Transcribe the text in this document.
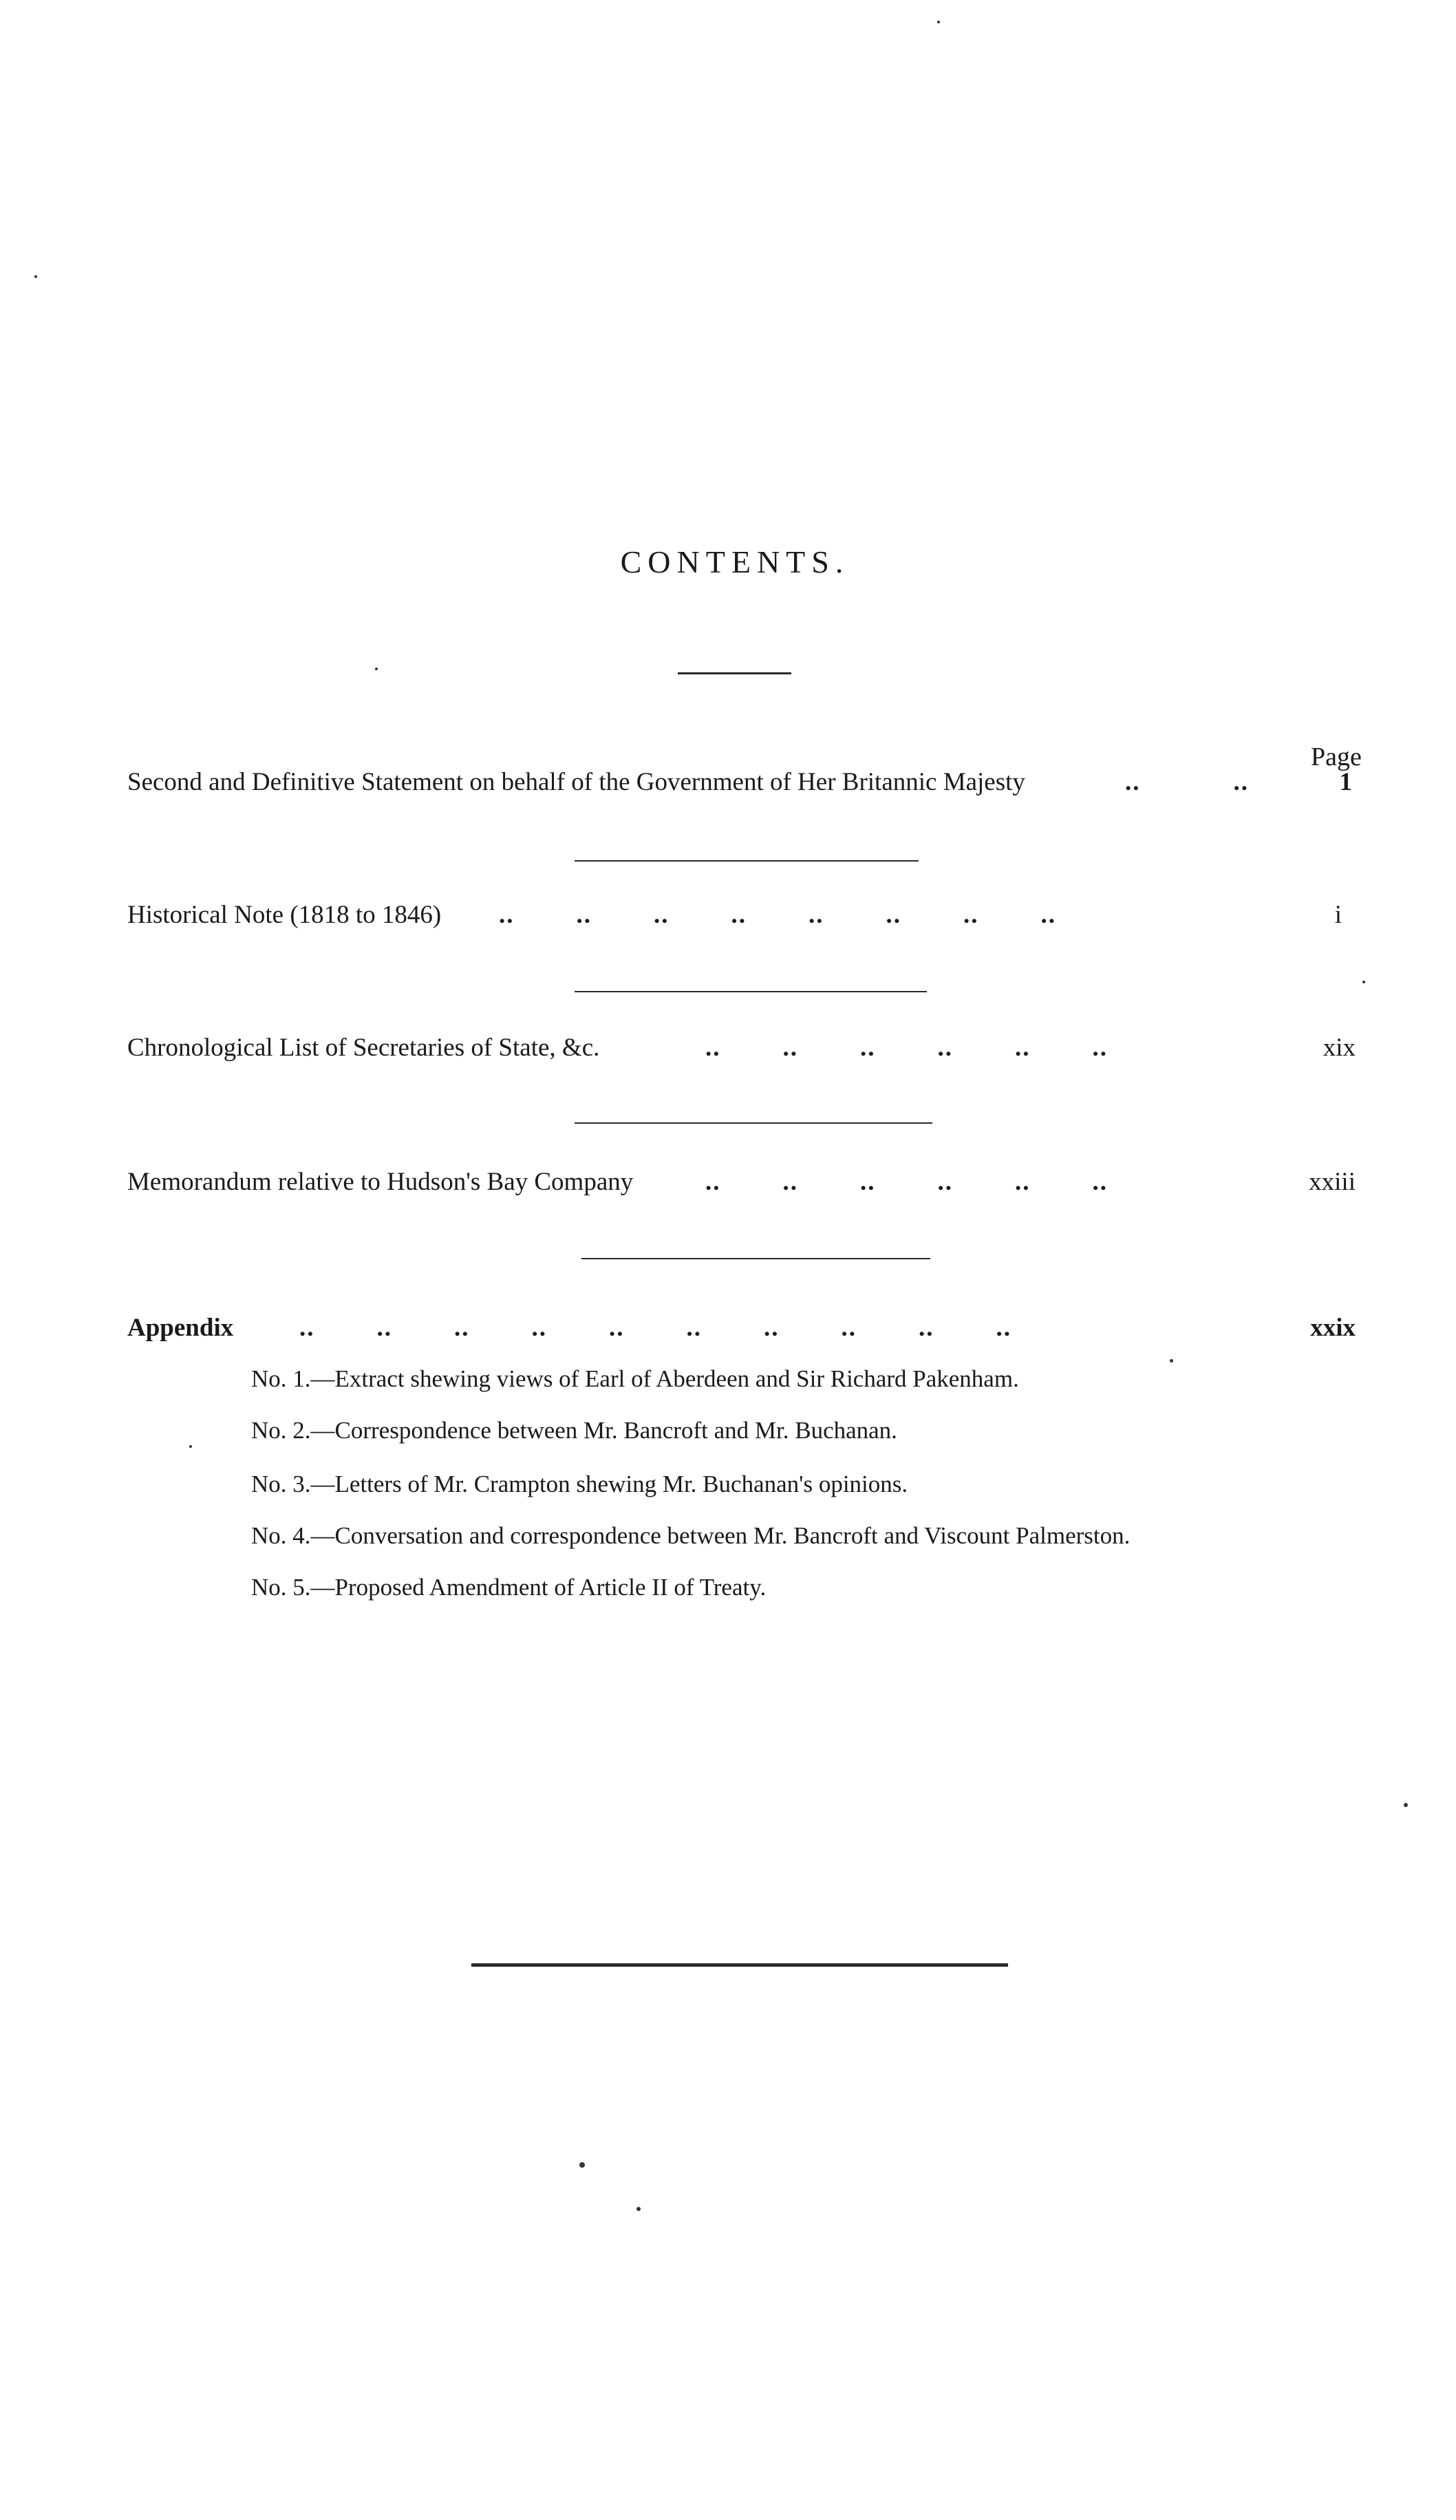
CONTENTS.
Page
Second and Definitive Statement on behalf of the Government of Her Britannic Majesty	..            ..	1
Historical Note (1818 to 1846) ..        ..        ..        ..        ..        ..        ..        ..	i
Chronological List of Secretaries of State, &c.	..        ..        ..        ..        ..        ..	xix
Memorandum relative to Hudson's Bay Company	..        ..        ..        ..        ..        ..	xxiii
Appendix	..        ..        ..        ..        ..        ..        ..        ..        ..        ..	xxix
No. 1.—Extract shewing views of Earl of Aberdeen and Sir Richard Pakenham.
No. 2.—Correspondence between Mr. Bancroft and Mr. Buchanan.
No. 3.—Letters of Mr. Crampton shewing Mr. Buchanan's opinions.
No. 4.—Conversation and correspondence between Mr. Bancroft and Viscount Palmerston.
No. 5.—Proposed Amendment of Article II of Treaty.
